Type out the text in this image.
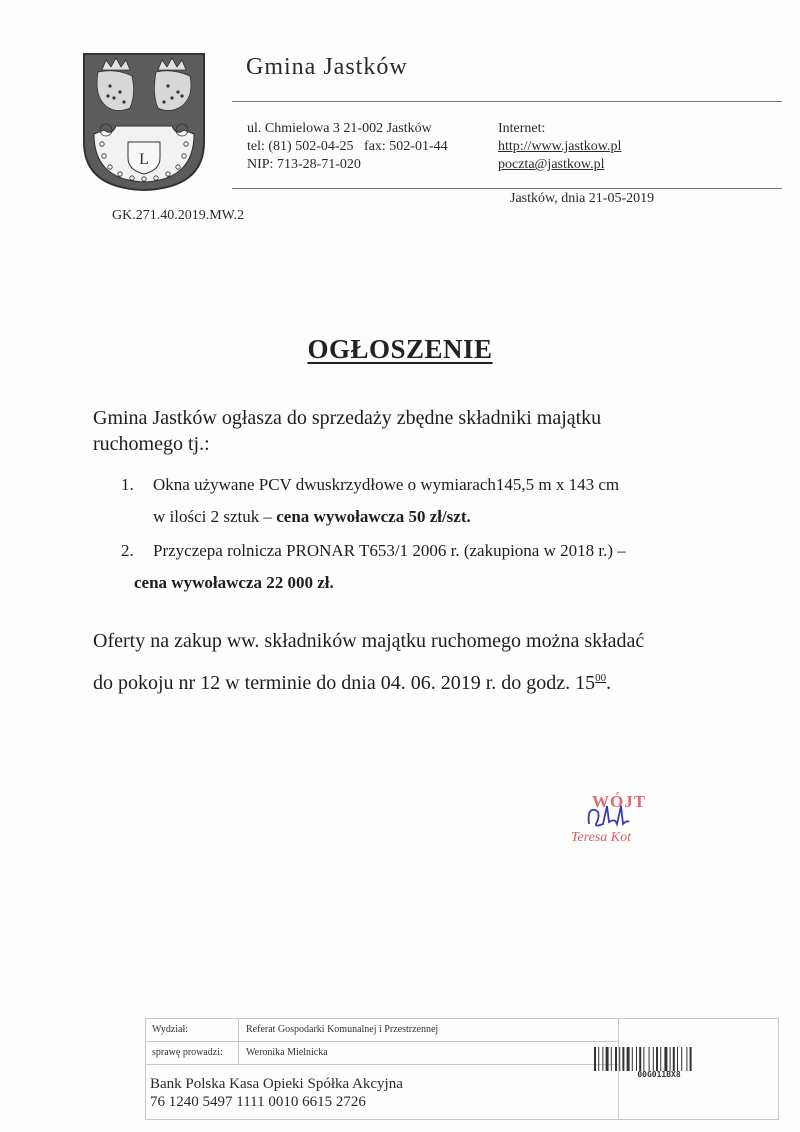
L
Gmina Jastków
ul. Chmielowa 3 21-002 Jastków
tel: (81) 502-04-25   fax: 502-01-44
NIP: 713-28-71-020
Internet:
http://www.jastkow.pl
poczta@jastkow.pl
Jastków, dnia 21-05-2019
GK.271.40.2019.MW.2
OGŁOSZENIE
Gmina Jastków ogłasza do sprzedaży zbędne składniki majątku
ruchomego tj.:
1. Okna używane PCV dwuskrzydłowe o wymiarach145,5 m x 143 cm
w ilości 2 sztuk – cena wywoławcza 50 zł/szt.
2. Przyczepa rolnicza PRONAR T653/1 2006 r. (zakupiona w 2018 r.) –
cena wywoławcza 22 000 zł.
Oferty na zakup ww. składników majątku ruchomego można składać
do pokoju nr 12 w terminie do dnia 04. 06. 2019 r. do godz. $15^{00}$.
WÓJT
Teresa Kot
Wydział:	Referat Gospodarki Komunalnej i Przestrzennej
sprawę prowadzi: Weronika Mielnicka
Bank Polska Kasa Opieki Spółka Akcyjna
76 1240 5497 1111 0010 6615 2726
00G011BX8
